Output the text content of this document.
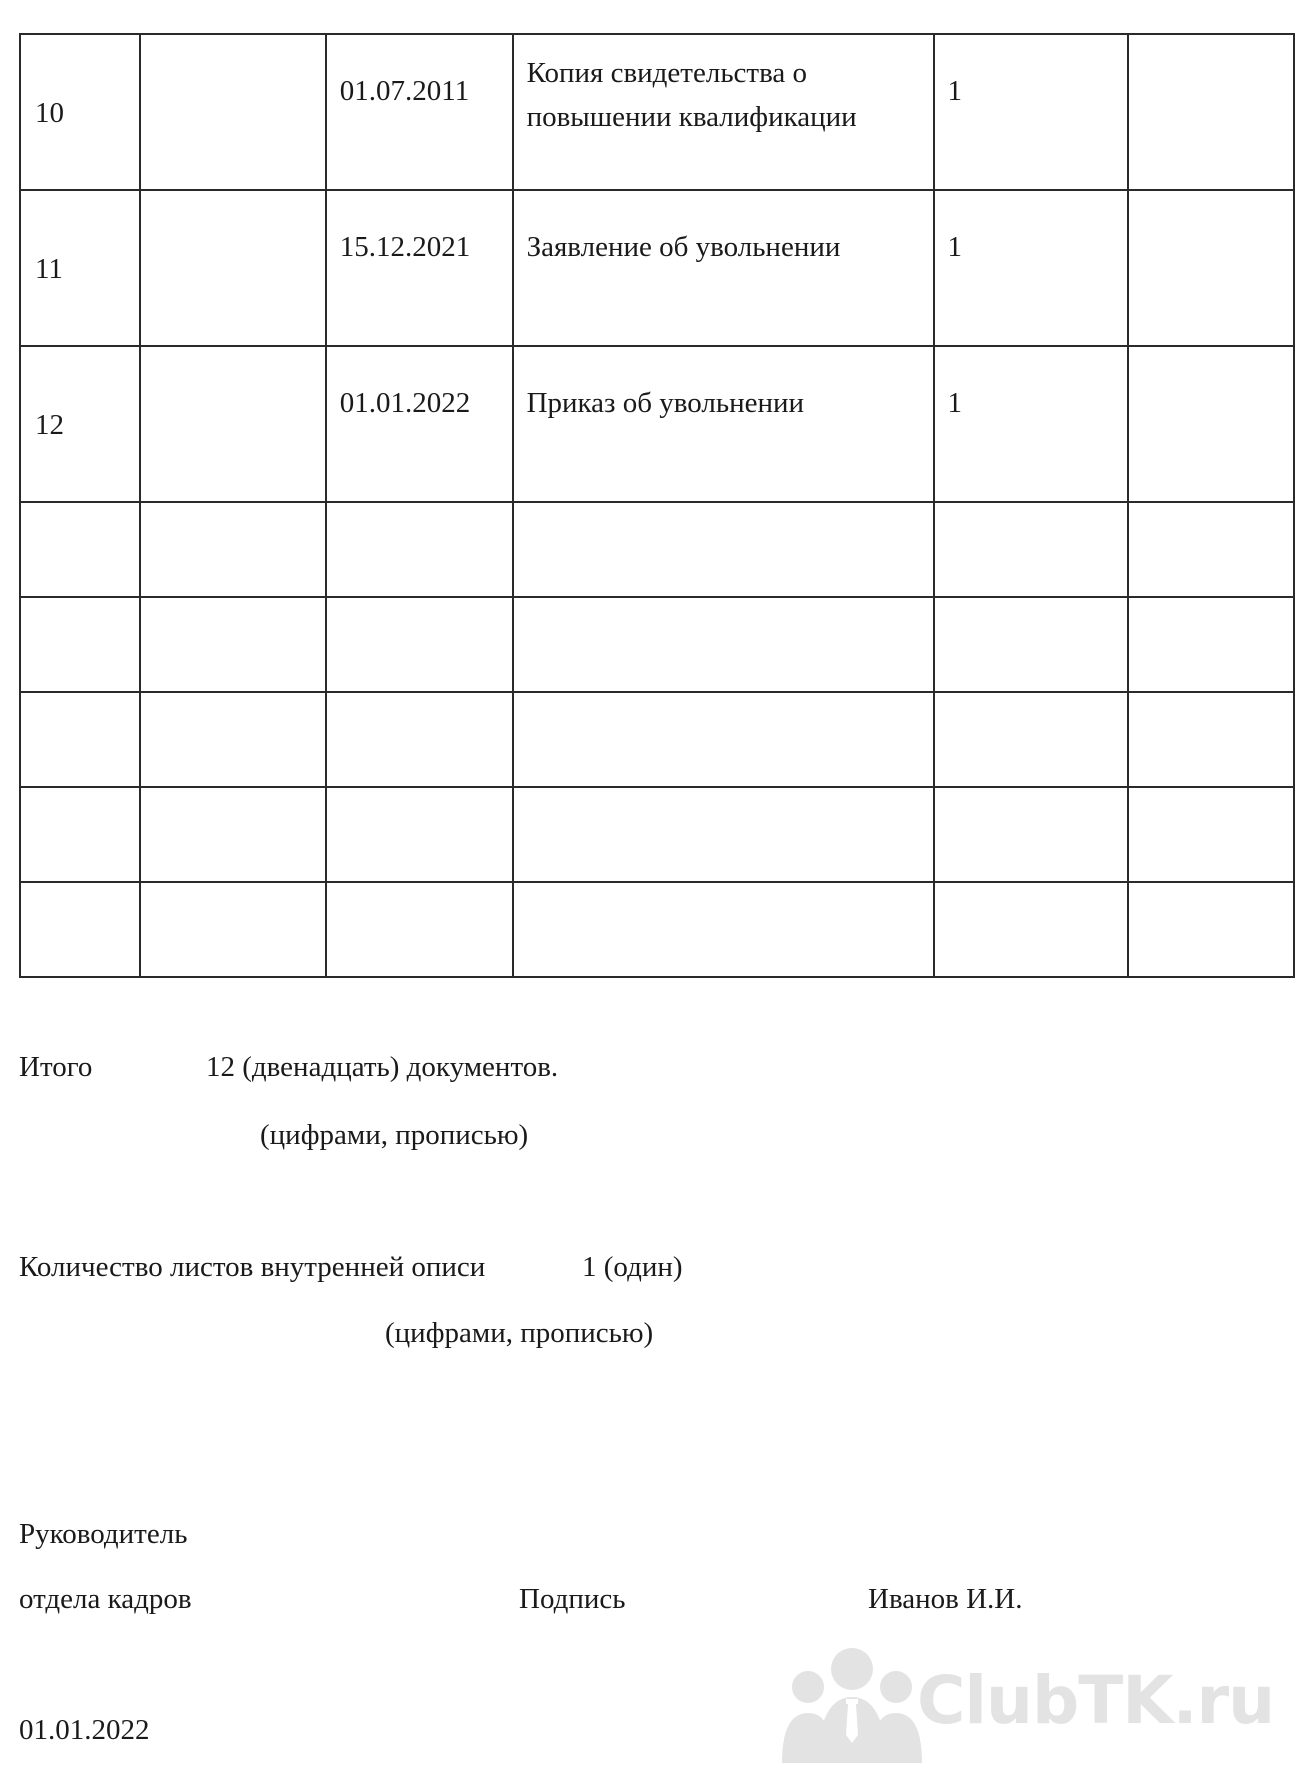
10		01.07.2011	Копия свидетельства о повышении квалификации	1	

11		15.12.2021	Заявление об увольнении	1	

12		01.01.2022	Приказ об увольнении	1	

Итого	12 (двенадцать) документов.
(цифрами, прописью)
Количество листов внутренней описи	1 (один)
(цифрами, прописью)
Руководитель
отдела кадров	Подпись	Иванов И.И.
01.01.2022	ClubTK.ru
